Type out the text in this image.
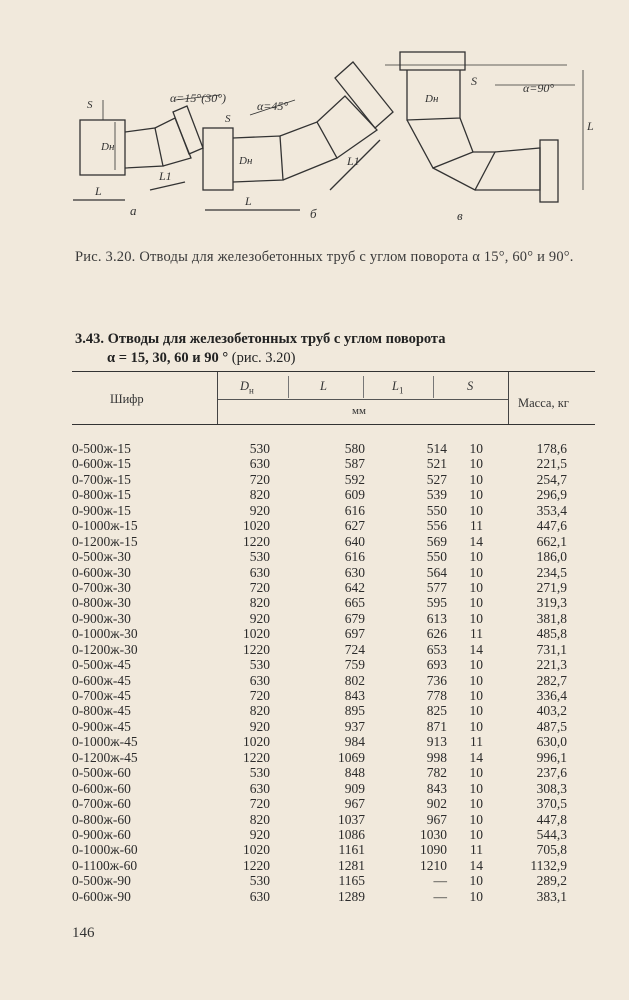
S
Dн
L
L1
α=15°(30°)
а
S
Dн
L
L1
α=45°
б
S
Dн
α=90°
L
в
Рис. 3.20. Отводы для железобетонных труб с углом поворота α 15°, 60° и 90°.
3.43. Отводы для железобетонных труб с углом поворота
α = 15, 30, 60 и 90 ° (рис. 3.20)
Шифр
$D_н$	L	$L_1$	S
Масса, кг
мм
0-500ж-15	530	580	514 10	178,6
0-600ж-15	630	587	521 10	221,5
0-700ж-15	720	592	527 10	254,7
0-800ж-15	820	609	539 10	296,9
0-900ж-15	920	616	550 10	353,4
0-1000ж-15	1020	627	556 11	447,6
0-1200ж-15	1220	640	569 14	662,1
0-500ж-30	530	616	550 10	186,0
0-600ж-30	630	630	564 10	234,5
0-700ж-30	720	642	577 10	271,9
0-800ж-30	820	665	595 10	319,3
0-900ж-30	920	679	613 10	381,8
0-1000ж-30	1020	697	626 11	485,8
0-1200ж-30	1220	724	653 14	731,1
0-500ж-45	530	759	693 10	221,3
0-600ж-45	630	802	736 10	282,7
0-700ж-45	720	843	778 10	336,4
0-800ж-45	820	895	825 10	403,2
0-900ж-45	920	937	871 10	487,5
0-1000ж-45	1020	984	913 11	630,0
0-1200ж-45	1220	1069	998 14	996,1
0-500ж-60	530	848	782 10	237,6
0-600ж-60	630	909	843 10	308,3
0-700ж-60	720	967	902 10	370,5
0-800ж-60	820	1037	967 10	447,8
0-900ж-60	920	1086	1030 10	544,3
0-1000ж-60	1020	1161	1090 11	705,8
0-1100ж-60	1220	1281	1210 14	1132,9
0-500ж-90	530	1165	— 10	289,2
0-600ж-90	630	1289	— 10	383,1
146
